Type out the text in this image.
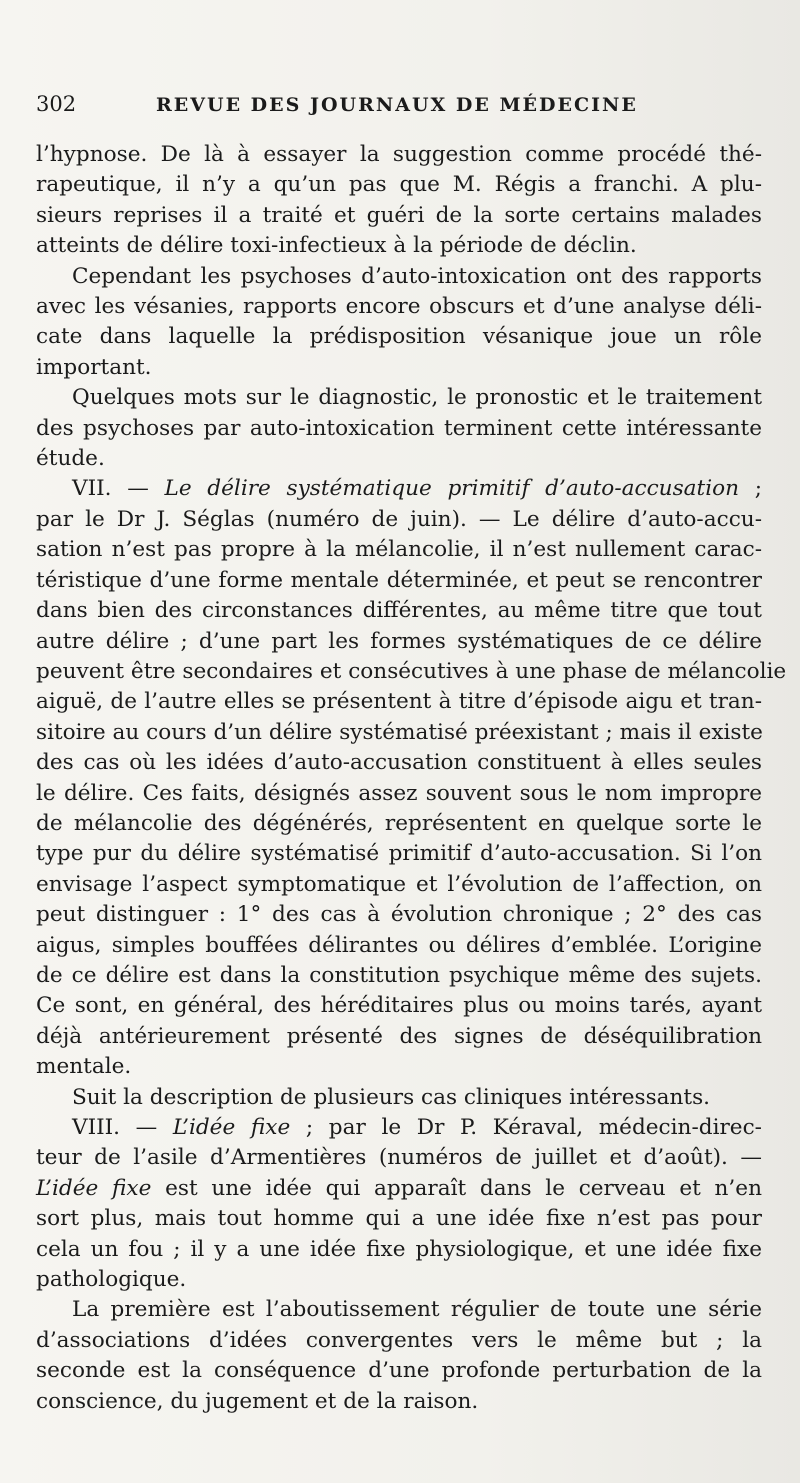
302	REVUE DES JOURNAUX DE MÉDECINE

l’hypnose. De là à essayer la suggestion comme procédé thé-
rapeutique, il n’y a qu’un pas que M. Régis a franchi. A plu-
sieurs reprises il a traité et guéri de la sorte certains malades
atteints de délire toxi-infectieux à la période de déclin.

Cependant les psychoses d’auto-intoxication ont des rapports
avec les vésanies, rapports encore obscurs et d’une analyse déli-
cate dans laquelle la prédisposition vésanique joue un rôle
important.

Quelques mots sur le diagnostic, le pronostic et le traitement
des psychoses par auto-intoxication terminent cette intéressante
étude.

VII. — Le délire systématique primitif d’auto-accusation ;
par le Dr J. Séglas (numéro de juin). — Le délire d’auto-accu-
sation n’est pas propre à la mélancolie, il n’est nullement carac-
téristique d’une forme mentale déterminée, et peut se rencontrer
dans bien des circonstances différentes, au même titre que tout
autre délire ; d’une part les formes systématiques de ce délire
peuvent être secondaires et consécutives à une phase de mélancolie
aiguë, de l’autre elles se présentent à titre d’épisode aigu et tran-
sitoire au cours d’un délire systématisé préexistant ; mais il existe
des cas où les idées d’auto-accusation constituent à elles seules
le délire. Ces faits, désignés assez souvent sous le nom impropre
de mélancolie des dégénérés, représentent en quelque sorte le
type pur du délire systématisé primitif d’auto-accusation. Si l’on
envisage l’aspect symptomatique et l’évolution de l’affection, on
peut distinguer : 1° des cas à évolution chronique ; 2° des cas
aigus, simples bouffées délirantes ou délires d’emblée. L’origine
de ce délire est dans la constitution psychique même des sujets.
Ce sont, en général, des héréditaires plus ou moins tarés, ayant
déjà antérieurement présenté des signes de déséquilibration
mentale.

Suit la description de plusieurs cas cliniques intéressants.

VIII. — L’idée fixe ; par le Dr P. Kéraval, médecin-direc-
teur de l’asile d’Armentières (numéros de juillet et d’août). —
L’idée fixe est une idée qui apparaît dans le cerveau et n’en
sort plus, mais tout homme qui a une idée fixe n’est pas pour
cela un fou ; il y a une idée fixe physiologique, et une idée fixe
pathologique.

La première est l’aboutissement régulier de toute une série
d’associations d’idées convergentes vers le même but ; la
seconde est la conséquence d’une profonde perturbation de la
conscience, du jugement et de la raison.
